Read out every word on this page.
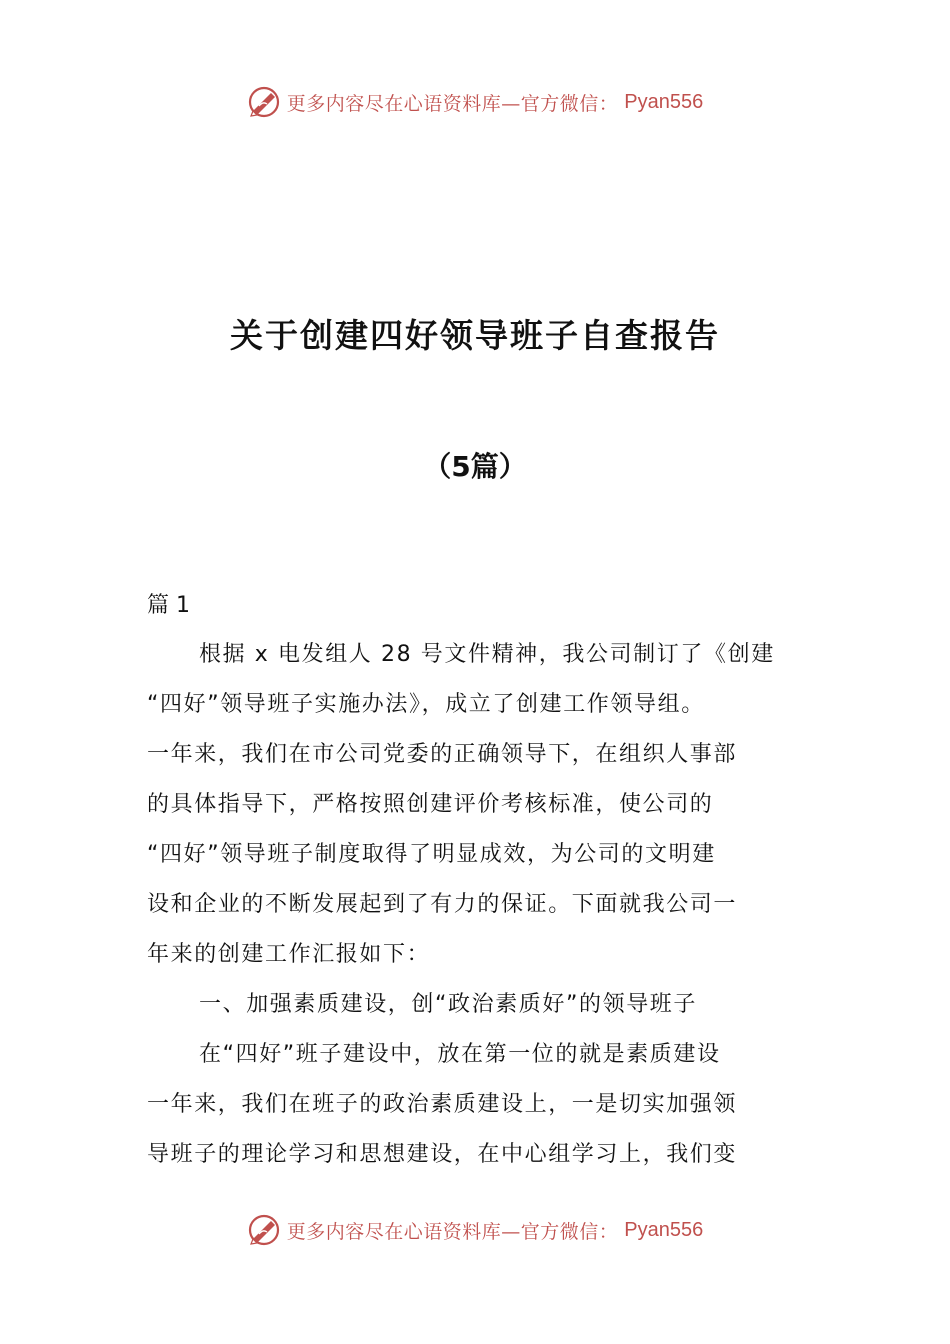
更多内容尽在心语资料库—官方微信： Pyan556
关于创建四好领导班子自查报告
（5篇）

篇 1

根据 x 电发组人 28 号文件精神，我公司制订了《创建
“四好”领导班子实施办法》，成立了创建工作领导组。
一年来，我们在市公司党委的正确领导下，在组织人事部
的具体指导下，严格按照创建评价考核标准，使公司的
“四好”领导班子制度取得了明显成效，为公司的文明建
设和企业的不断发展起到了有力的保证。下面就我公司一
年来的创建工作汇报如下：
一、加强素质建设，创“政治素质好”的领导班子
在“四好”班子建设中，放在第一位的就是素质建设
一年来，我们在班子的政治素质建设上，一是切实加强领
导班子的理论学习和思想建设，在中心组学习上，我们变
更多内容尽在心语资料库—官方微信： Pyan556
